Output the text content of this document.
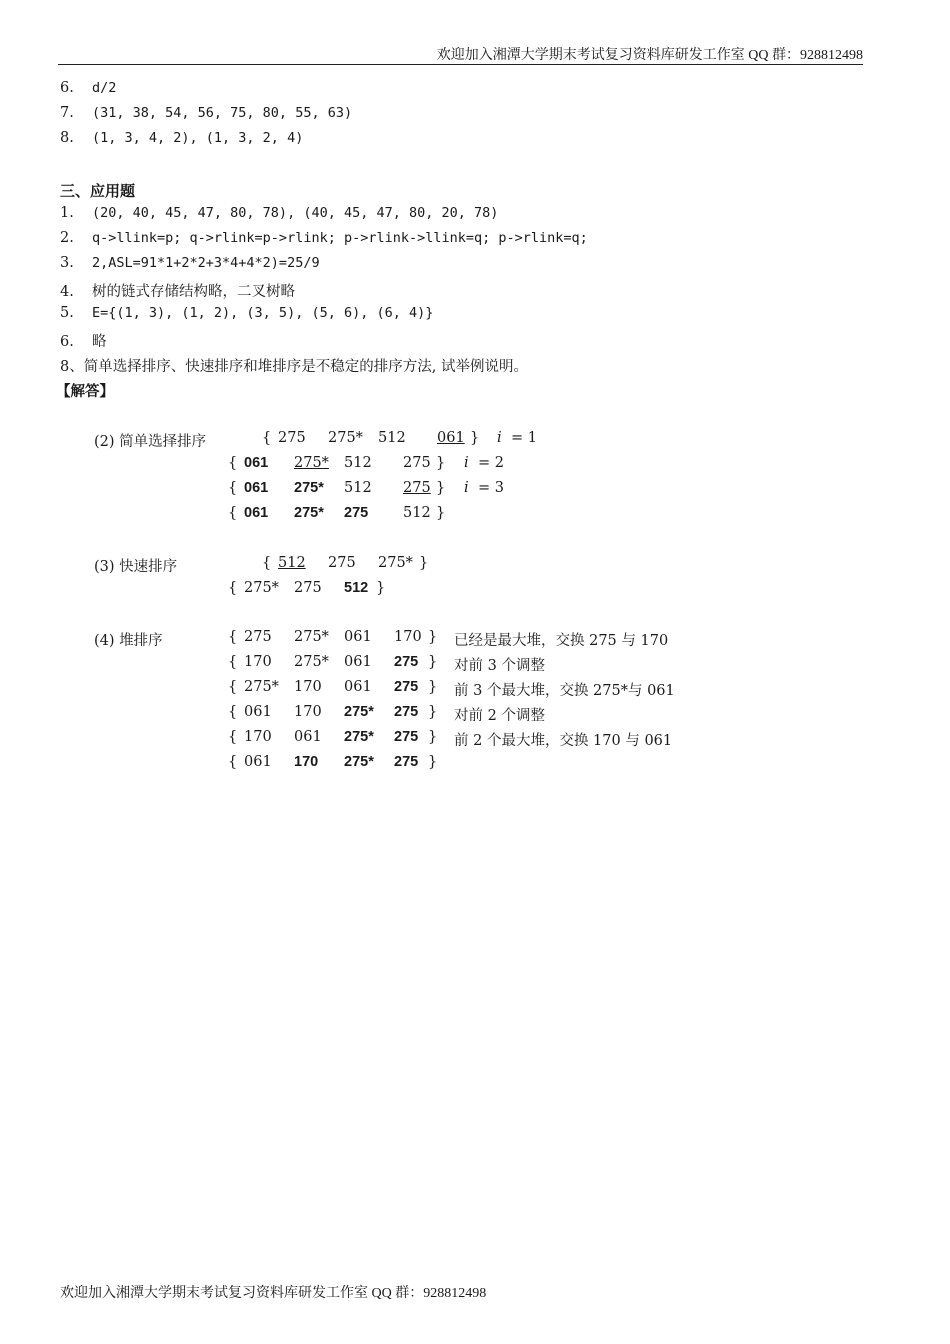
欢迎加入湘潭大学期末考试复习资料库研发工作室 QQ 群：928812498
6. d/2
7. (31, 38, 54, 56, 75, 80, 55, 63)
8. (1, 3, 4, 2), (1, 3, 2, 4)
三、应用题
1. (20, 40, 45, 47, 80, 78), (40, 45, 47, 80, 20, 78)
2. q->llink=p; q->rlink=p->rlink; p->rlink->llink=q; p->rlink=q;
3. 2,ASL=91*1+2*2+3*4+4*2)=25/9
4. 树的链式存储结构略，二叉树略
5. E={(1, 3), (1, 2), (3, 5), (5, 6), (6, 4)}
6. 略
8、简单选择排序、快速排序和堆排序是不稳定的排序方法, 试举例说明。
【解答】
(2) 简单选择排序	{ 275 275* 512 061 } i = 1
{ 061 275* 512 275 } i = 2
{ 061 275* 512 275 } i = 3
{ 061 275* 275 512 }
(3) 快速排序	{ 512 275 275* }
{ 275* 275 512 }
(4) 堆排序	{ 275 275* 061 170 } 已经是最大堆，交换 275 与 170
{ 170 275* 061 275 } 对前 3 个调整
{ 275* 170 061 275 } 前 3 个最大堆，交换 275*与 061
{ 061 170 275* 275 } 对前 2 个调整
{ 170 061 275* 275 } 前 2 个最大堆，交换 170 与 061
{ 061 170 275* 275 }
欢迎加入湘潭大学期末考试复习资料库研发工作室 QQ 群：928812498
